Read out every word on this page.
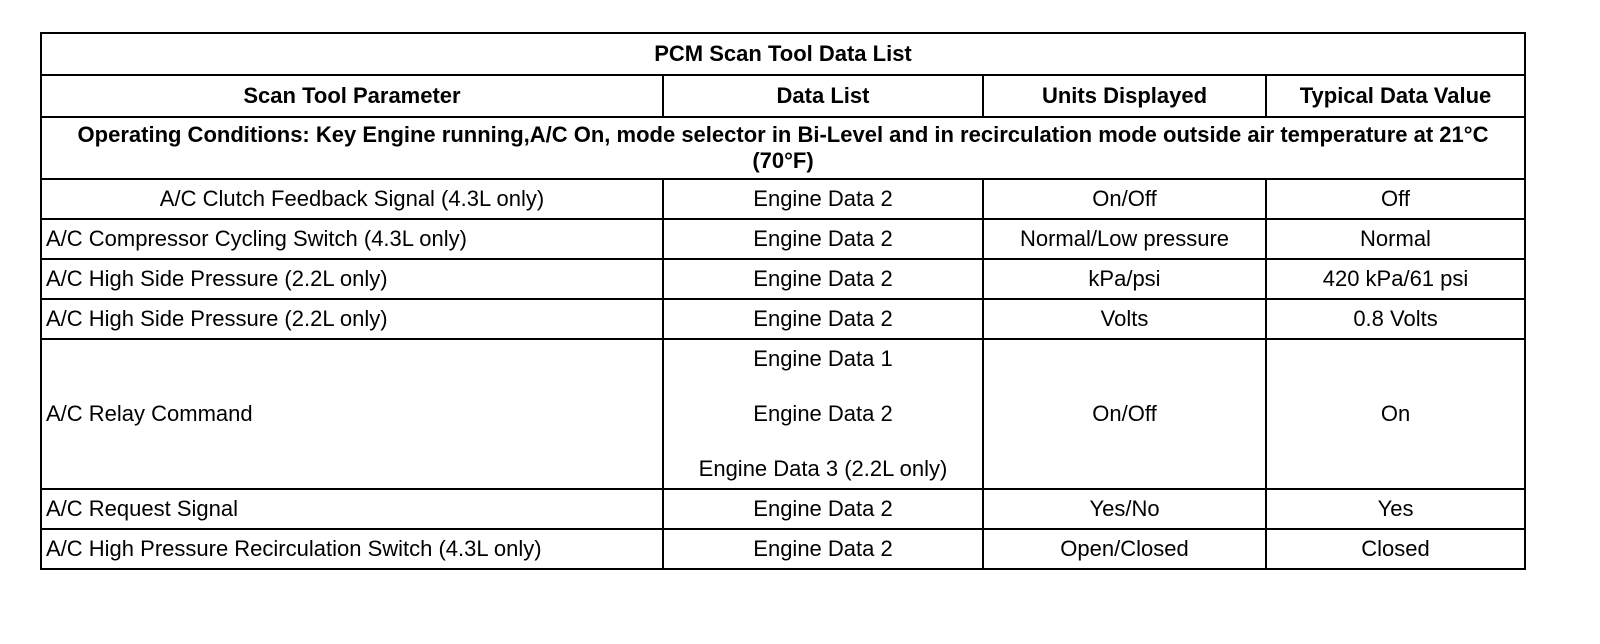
PCM Scan Tool Data List			
Scan Tool Parameter	Data List	Units Displayed	Typical Data Value
Operating Conditions: Key Engine running,A/C On, mode selector in Bi-Level and in recirculation mode outside air temperature at 21°C (70°F)			
A/C Clutch Feedback Signal (4.3L only)	Engine Data 2	On/Off	Off
A/C Compressor Cycling Switch (4.3L only)	Engine Data 2	Normal/Low pressure	Normal
A/C High Side Pressure (2.2L only)	Engine Data 2	kPa/psi	420 kPa/61 psi
A/C High Side Pressure (2.2L only)	Engine Data 2	Volts	0.8 Volts
A/C Relay Command	Engine Data 1
Engine Data 2
Engine Data 3 (2.2L only)	On/Off	On
A/C Request Signal	Engine Data 2	Yes/No	Yes
A/C High Pressure Recirculation Switch (4.3L only)	Engine Data 2	Open/Closed	Closed
